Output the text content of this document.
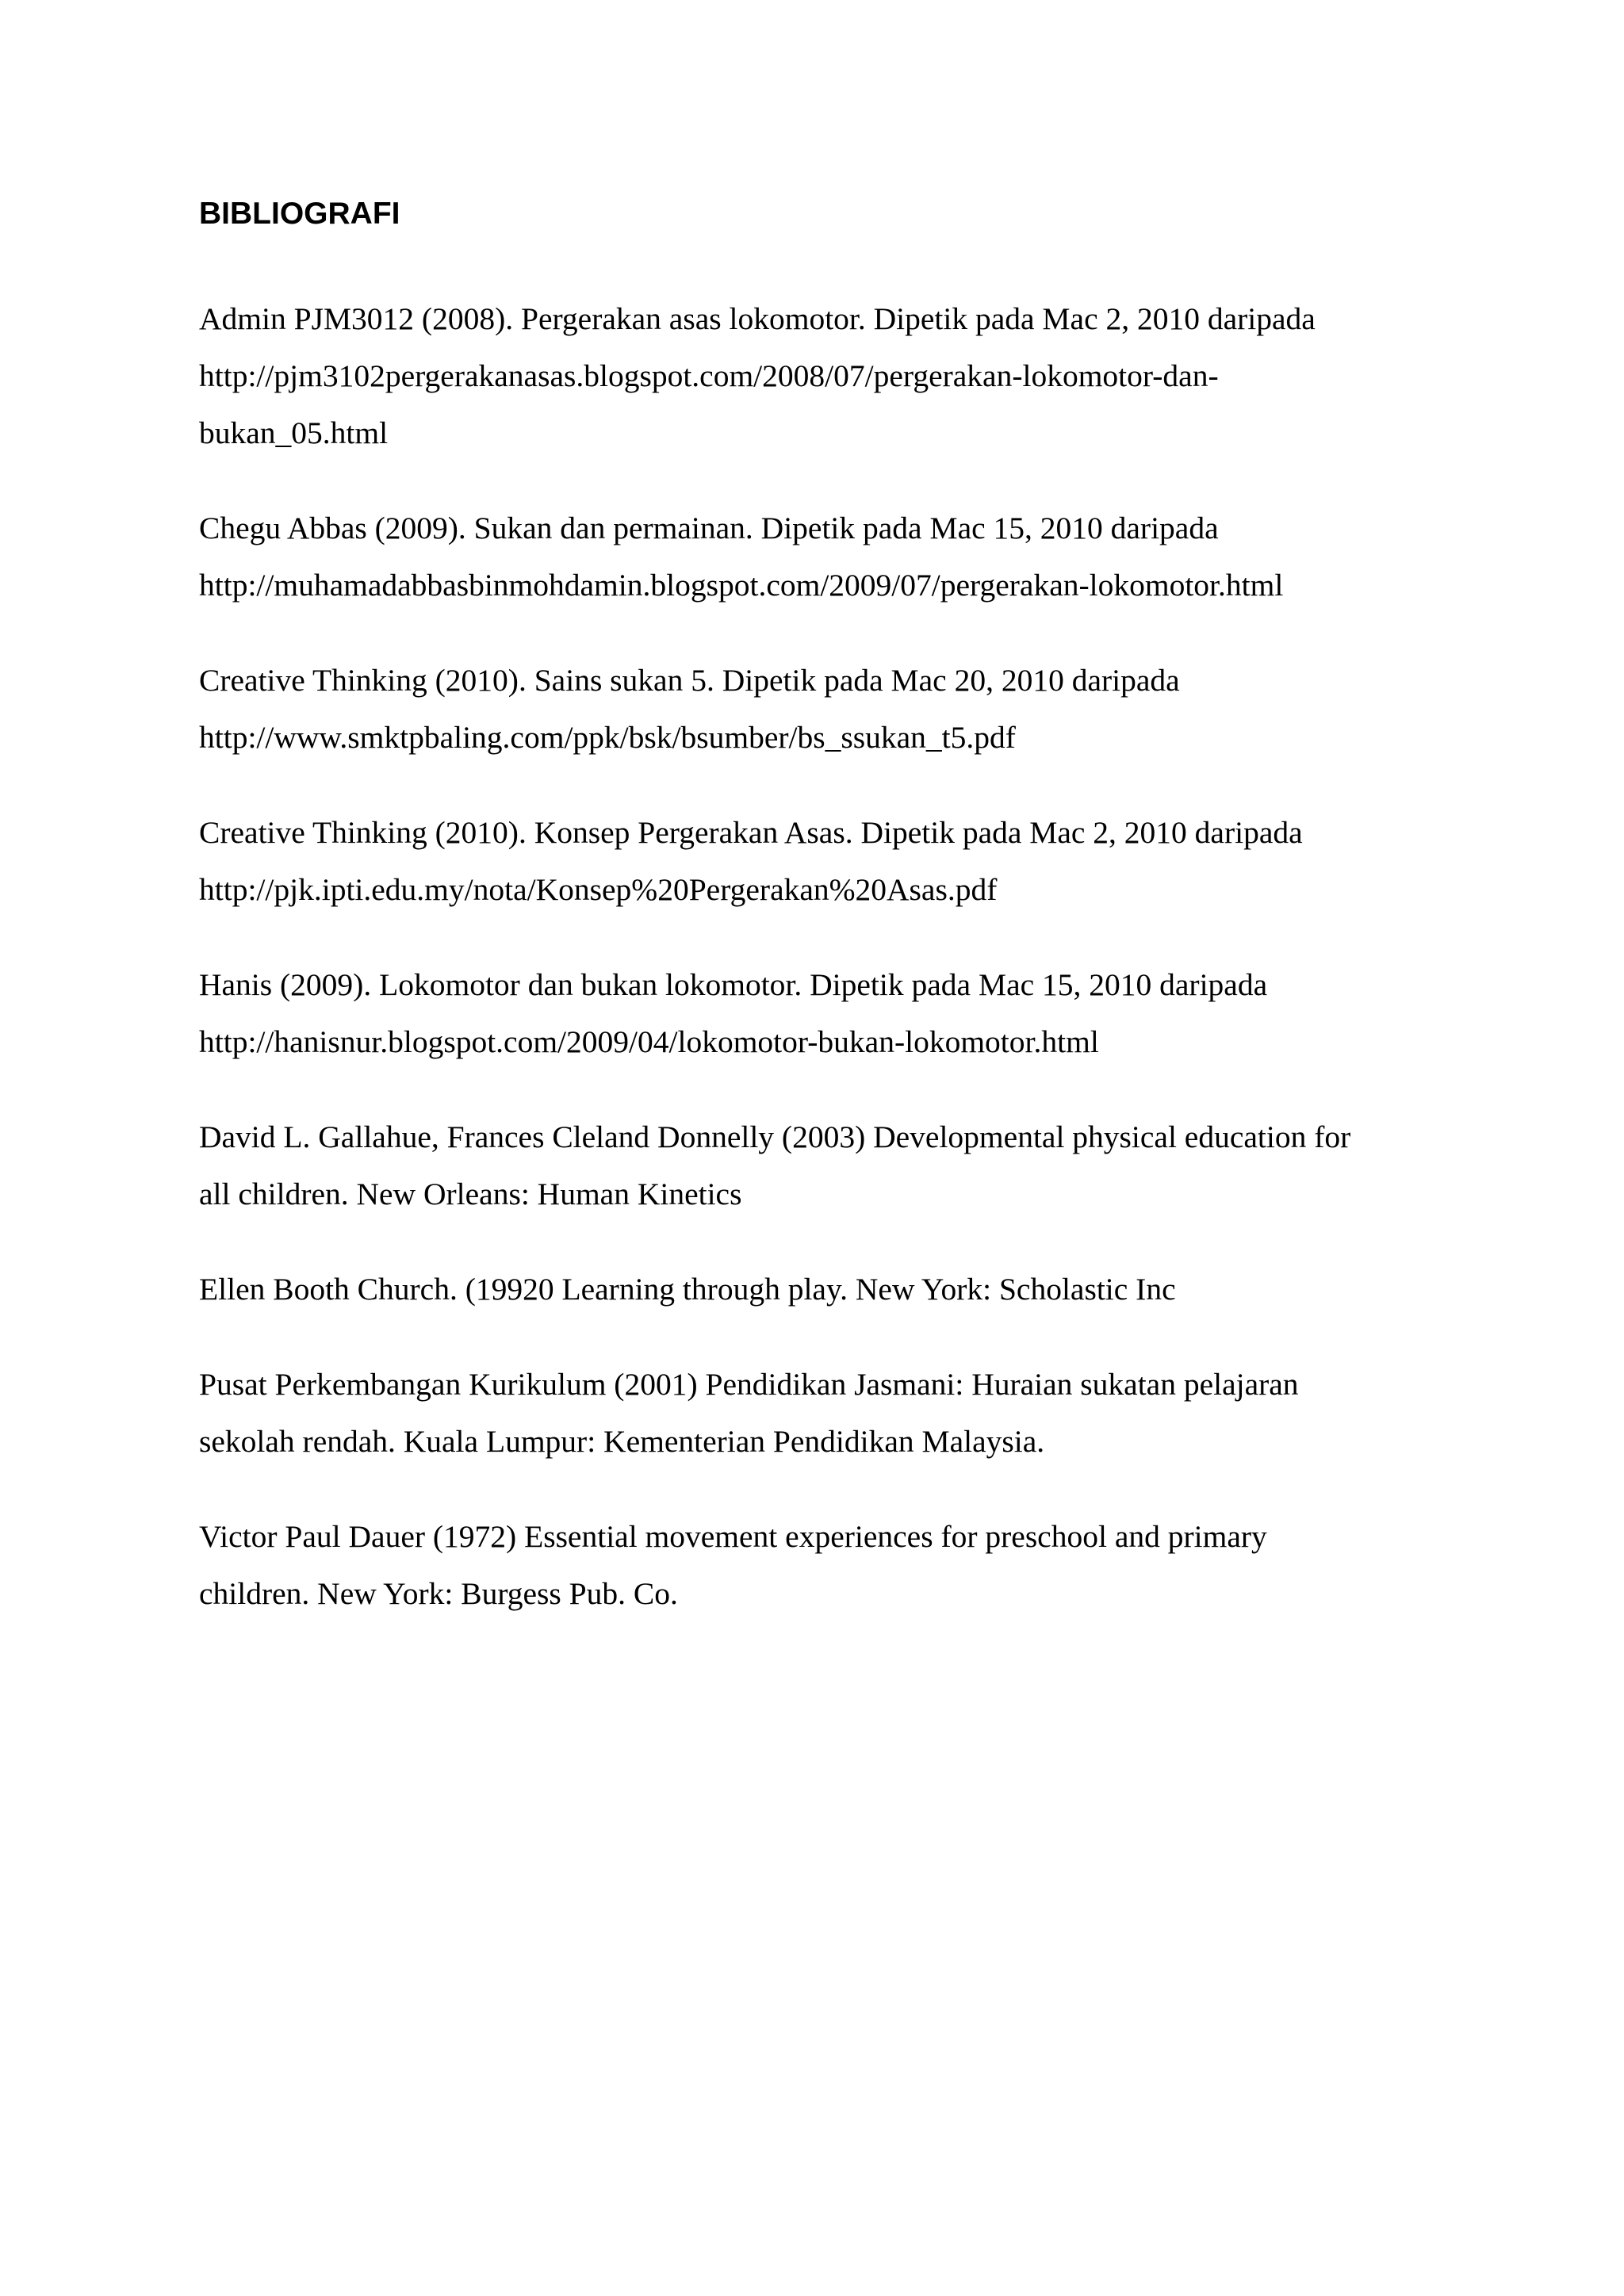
BIBLIOGRAFI
Admin PJM3012 (2008). Pergerakan asas lokomotor. Dipetik pada Mac 2, 2010 daripada
http://pjm3102pergerakanasas.blogspot.com/2008/07/pergerakan-lokomotor-dan-
bukan_05.html
Chegu Abbas (2009). Sukan dan permainan. Dipetik pada Mac 15, 2010 daripada
http://muhamadabbasbinmohdamin.blogspot.com/2009/07/pergerakan-lokomotor.html
Creative Thinking (2010). Sains sukan 5. Dipetik pada Mac 20, 2010 daripada
http://www.smktpbaling.com/ppk/bsk/bsumber/bs_ssukan_t5.pdf
Creative Thinking (2010). Konsep Pergerakan Asas. Dipetik pada Mac 2, 2010 daripada
http://pjk.ipti.edu.my/nota/Konsep%20Pergerakan%20Asas.pdf
Hanis (2009). Lokomotor dan bukan lokomotor. Dipetik pada Mac 15, 2010 daripada
http://hanisnur.blogspot.com/2009/04/lokomotor-bukan-lokomotor.html
David L. Gallahue, Frances Cleland Donnelly (2003) Developmental physical education for
all children. New Orleans: Human Kinetics
Ellen Booth Church. (19920 Learning through play. New York: Scholastic Inc
Pusat Perkembangan Kurikulum (2001) Pendidikan Jasmani: Huraian sukatan pelajaran
sekolah rendah. Kuala Lumpur: Kementerian Pendidikan Malaysia.
Victor Paul Dauer (1972) Essential movement experiences for preschool and primary
children. New York: Burgess Pub. Co.
